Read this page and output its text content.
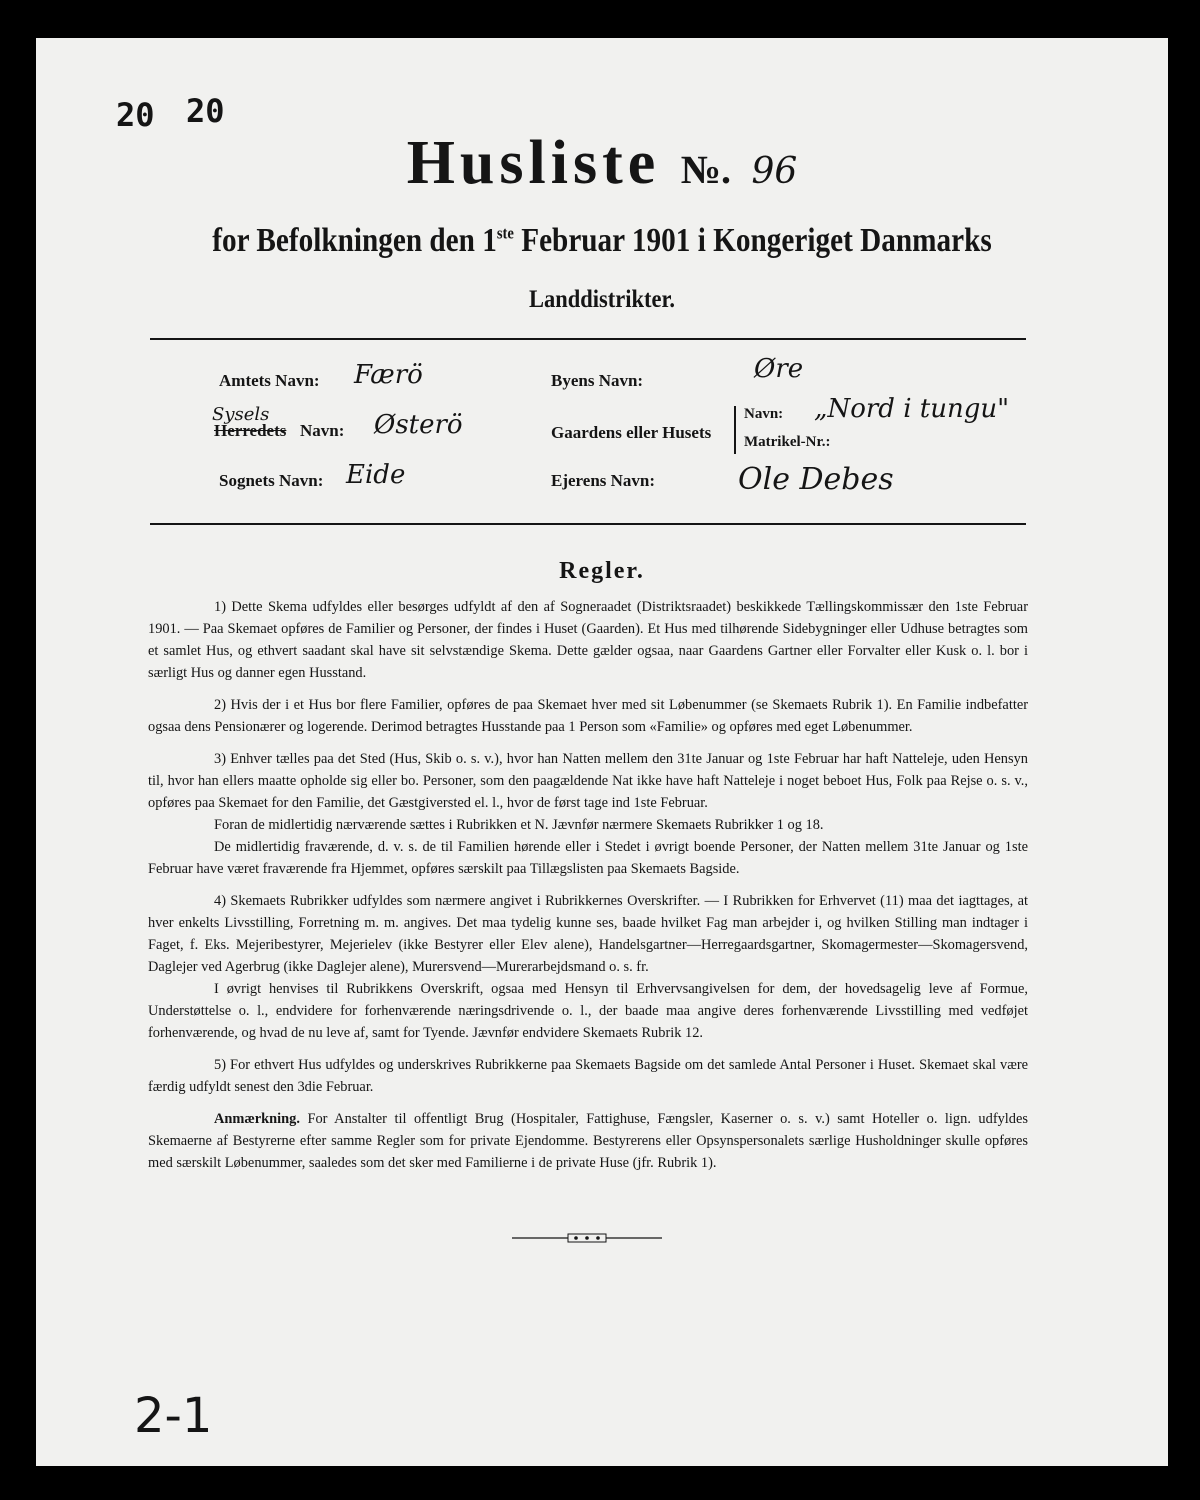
20 20
Husliste №. 96
for Befolkningen den 1ste Februar 1901 i Kongeriget Danmarks
Landdistrikter.
Amtets Navn: Færö
Sysels
Herredets Navn: Østerö
Sognets Navn: Eide
Byens Navn:	Øre
Gaardens eller Husets
Navn: „Nord i tungu"
Matrikel-Nr.:
Ejerens Navn:	Ole Debes
Regler.

1) Dette Skema udfyldes eller besørges udfyldt af den af Sogneraadet (Distriktsraadet) beskikkede Tællingskommissær den 1ste Februar 1901. — Paa Skemaet opføres de Familier og Personer, der findes i Huset (Gaarden). Et Hus med tilhørende Sidebygninger eller Udhuse betragtes som et samlet Hus, og ethvert saadant skal have sit selvstændige Skema. Dette gælder ogsaa, naar Gaardens Gartner eller Forvalter eller Kusk o. l. bor i særligt Hus og danner egen Husstand.

2) Hvis der i et Hus bor flere Familier, opføres de paa Skemaet hver med sit Løbenummer (se Skemaets Rubrik 1). En Familie indbefatter ogsaa dens Pensionærer og logerende. Derimod betragtes Husstande paa 1 Person som «Familie» og opføres med eget Løbenummer.

3) Enhver tælles paa det Sted (Hus, Skib o. s. v.), hvor han Natten mellem den 31te Januar og 1ste Februar har haft Natteleje, uden Hensyn til, hvor han ellers maatte opholde sig eller bo. Personer, som den paagældende Nat ikke have haft Natteleje i noget beboet Hus, Folk paa Rejse o. s. v., opføres paa Skemaet for den Familie, det Gæstgiversted el. l., hvor de først tage ind 1ste Februar.

Foran de midlertidig nærværende sættes i Rubrikken et N. Jævnfør nærmere Skemaets Rubrikker 1 og 18.

De midlertidig fraværende, d. v. s. de til Familien hørende eller i Stedet i øvrigt boende Personer, der Natten mellem 31te Januar og 1ste Februar have været fraværende fra Hjemmet, opføres særskilt paa Tillægslisten paa Skemaets Bagside.

4) Skemaets Rubrikker udfyldes som nærmere angivet i Rubrikkernes Overskrifter. — I Rubrikken for Erhvervet (11) maa det iagttages, at hver enkelts Livsstilling, Forretning m. m. angives. Det maa tydelig kunne ses, baade hvilket Fag man arbejder i, og hvilken Stilling man indtager i Faget, f. Eks. Mejeribestyrer, Mejerielev (ikke Bestyrer eller Elev alene), Handelsgartner—Herregaardsgartner, Skomagermester—Skomagersvend, Daglejer ved Agerbrug (ikke Daglejer alene), Murersvend—Murerarbejdsmand o. s. fr.

I øvrigt henvises til Rubrikkens Overskrift, ogsaa med Hensyn til Erhvervsangivelsen for dem, der hovedsagelig leve af Formue, Understøttelse o. l., endvidere for forhenværende næringsdrivende o. l., der baade maa angive deres forhenværende Livsstilling med vedføjet forhenværende, og hvad de nu leve af, samt for Tyende. Jævnfør endvidere Skemaets Rubrik 12.

5) For ethvert Hus udfyldes og underskrives Rubrikkerne paa Skemaets Bagside om det samlede Antal Personer i Huset. Skemaet skal være færdig udfyldt senest den 3die Februar.

Anmærkning. For Anstalter til offentligt Brug (Hospitaler, Fattighuse, Fængsler, Kaserner o. s. v.) samt Hoteller o. lign. udfyldes Skemaerne af Bestyrerne efter samme Regler som for private Ejendomme. Bestyrerens eller Opsynspersonalets særlige Husholdninger skulle opføres med særskilt Løbenummer, saaledes som det sker med Familierne i de private Huse (jfr. Rubrik 1).

2-1
